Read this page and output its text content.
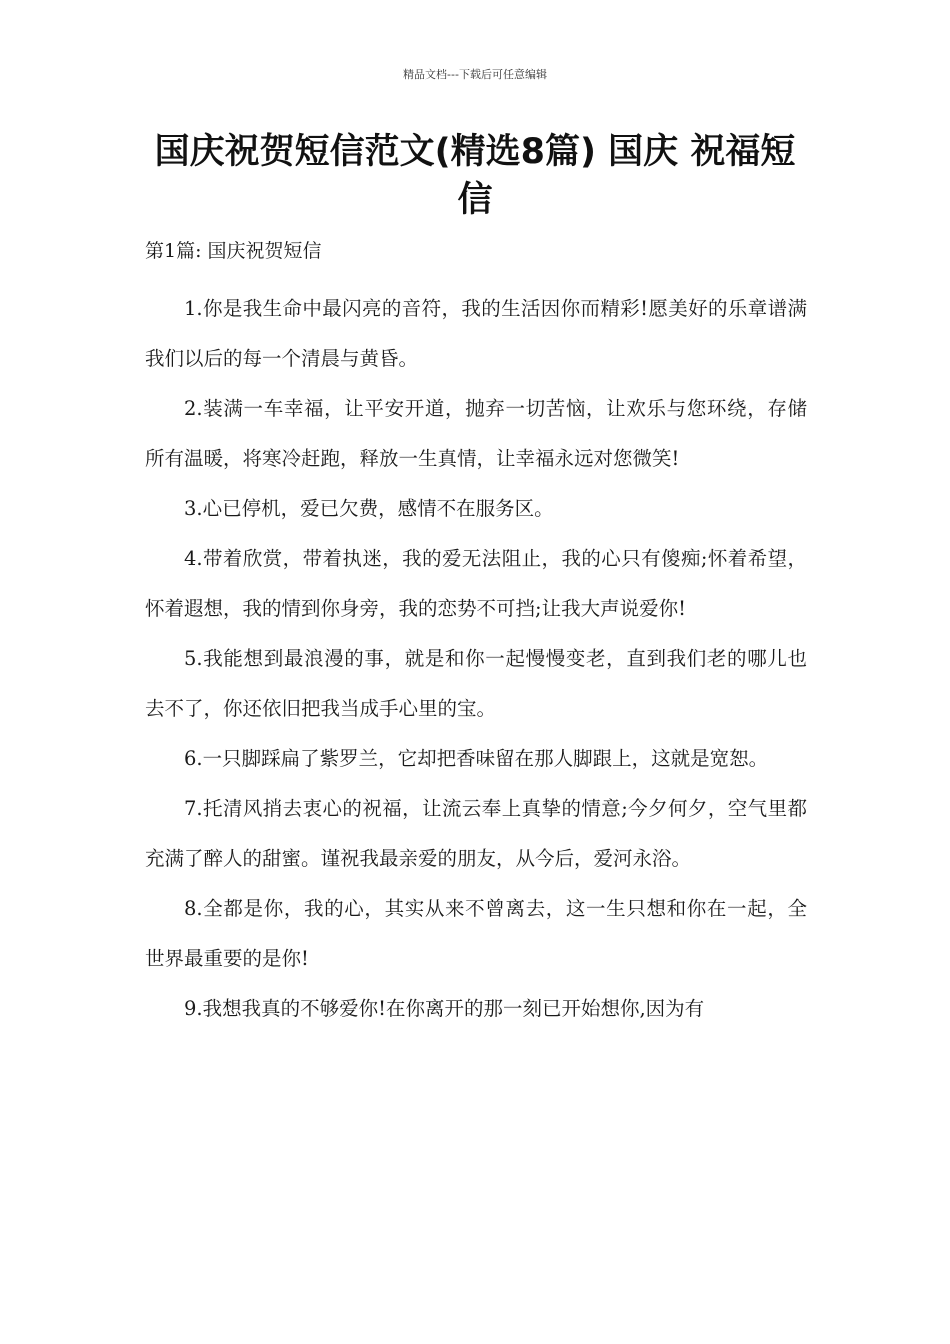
精品文档---下载后可任意编辑
国庆祝贺短信范文(精选8篇) 国庆 祝福短信
第1篇: 国庆祝贺短信

1.你是我生命中最闪亮的音符，我的生活因你而精彩!愿美好的乐章谱满我们以后的每一个清晨与黄昏。

2.装满一车幸福，让平安开道，抛弃一切苦恼，让欢乐与您环绕，存储所有温暖，将寒冷赶跑，释放一生真情，让幸福永远对您微笑!

3.心已停机，爱已欠费，感情不在服务区。

4.带着欣赏，带着执迷，我的爱无法阻止，我的心只有傻痴;怀着希望，怀着遐想，我的情到你身旁，我的恋势不可挡;让我大声说爱你!

5.我能想到最浪漫的事，就是和你一起慢慢变老，直到我们老的哪儿也去不了，你还依旧把我当成手心里的宝。

6.一只脚踩扁了紫罗兰，它却把香味留在那人脚跟上，这就是宽恕。

7.托清风捎去衷心的祝福，让流云奉上真挚的情意;今夕何夕，空气里都充满了醉人的甜蜜。谨祝我最亲爱的朋友，从今后，爱河永浴。

8.全都是你，我的心，其实从来不曾离去，这一生只想和你在一起，全世界最重要的是你!

9.我想我真的不够爱你!在你离开的那一刻已开始想你,因为有
